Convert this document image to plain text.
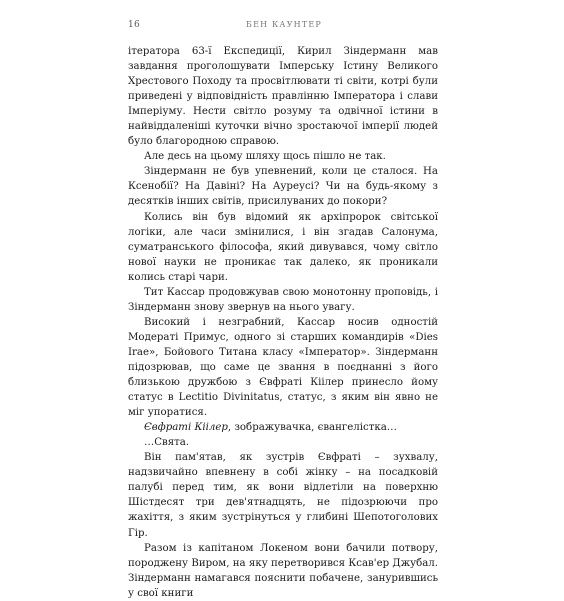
16	БЕН КАУНТЕР

ітератора 63-ї Експедиції, Кирил Зіндерманн мав завдання проголошувати Імперську Істину Великого Хрестового Походу та просвітлювати ті світи, котрі були приведені у відповідність правлінню Імператора і слави Імперіуму. Нести світло розуму та одвічної істини в найвіддаленіші куточки вічно зростаючої імперії людей було благородною справою.

Але десь на цьому шляху щось пішло не так.

Зіндерманн не був упевнений, коли це сталося. На Ксенобії? На Давіні? На Ауреусі? Чи на будь-якому з десятків інших світів, присилуваних до покори?

Колись він був відомий як архіпророк світської логіки, але часи змінилися, і він згадав Салонума, суматранського філософа, який дивувався, чому світло нової науки не проникає так далеко, як проникали колись старі чари.

Тит Кассар продовжував свою монотонну проповідь, і Зіндерманн знову звернув на нього увагу.

Високий і незграбний, Кассар носив одностій Модераті Примус, одного зі старших командирів «Dies Irae», Бойового Титана класу «Імператор». Зіндерманн підозрював, що саме це звання в поєднанні з його близькою дружбою з Євфраті Кіілер принесло йому статус в Lectitio Divinitatus, статус, з яким він явно не міг упоратися.

Євфраті Кіілер, зображувачка, євангелістка…

…Свята.

Він пам'ятав, як зустрів Євфраті – зухвалу, надзвичайно впевнену в собі жінку – на посадковій палубі перед тим, як вони відлетіли на поверхню Шістдесят три дев'ятнадцять, не підозрюючи про жахіття, з яким зустрінуться у глибині Шепотоголових Гір.

Разом із капітаном Локеном вони бачили потвору, породжену Виром, на яку перетворився Ксав'ер Джубал. Зіндерманн намагався пояснити побачене, занурившись у свої книги
